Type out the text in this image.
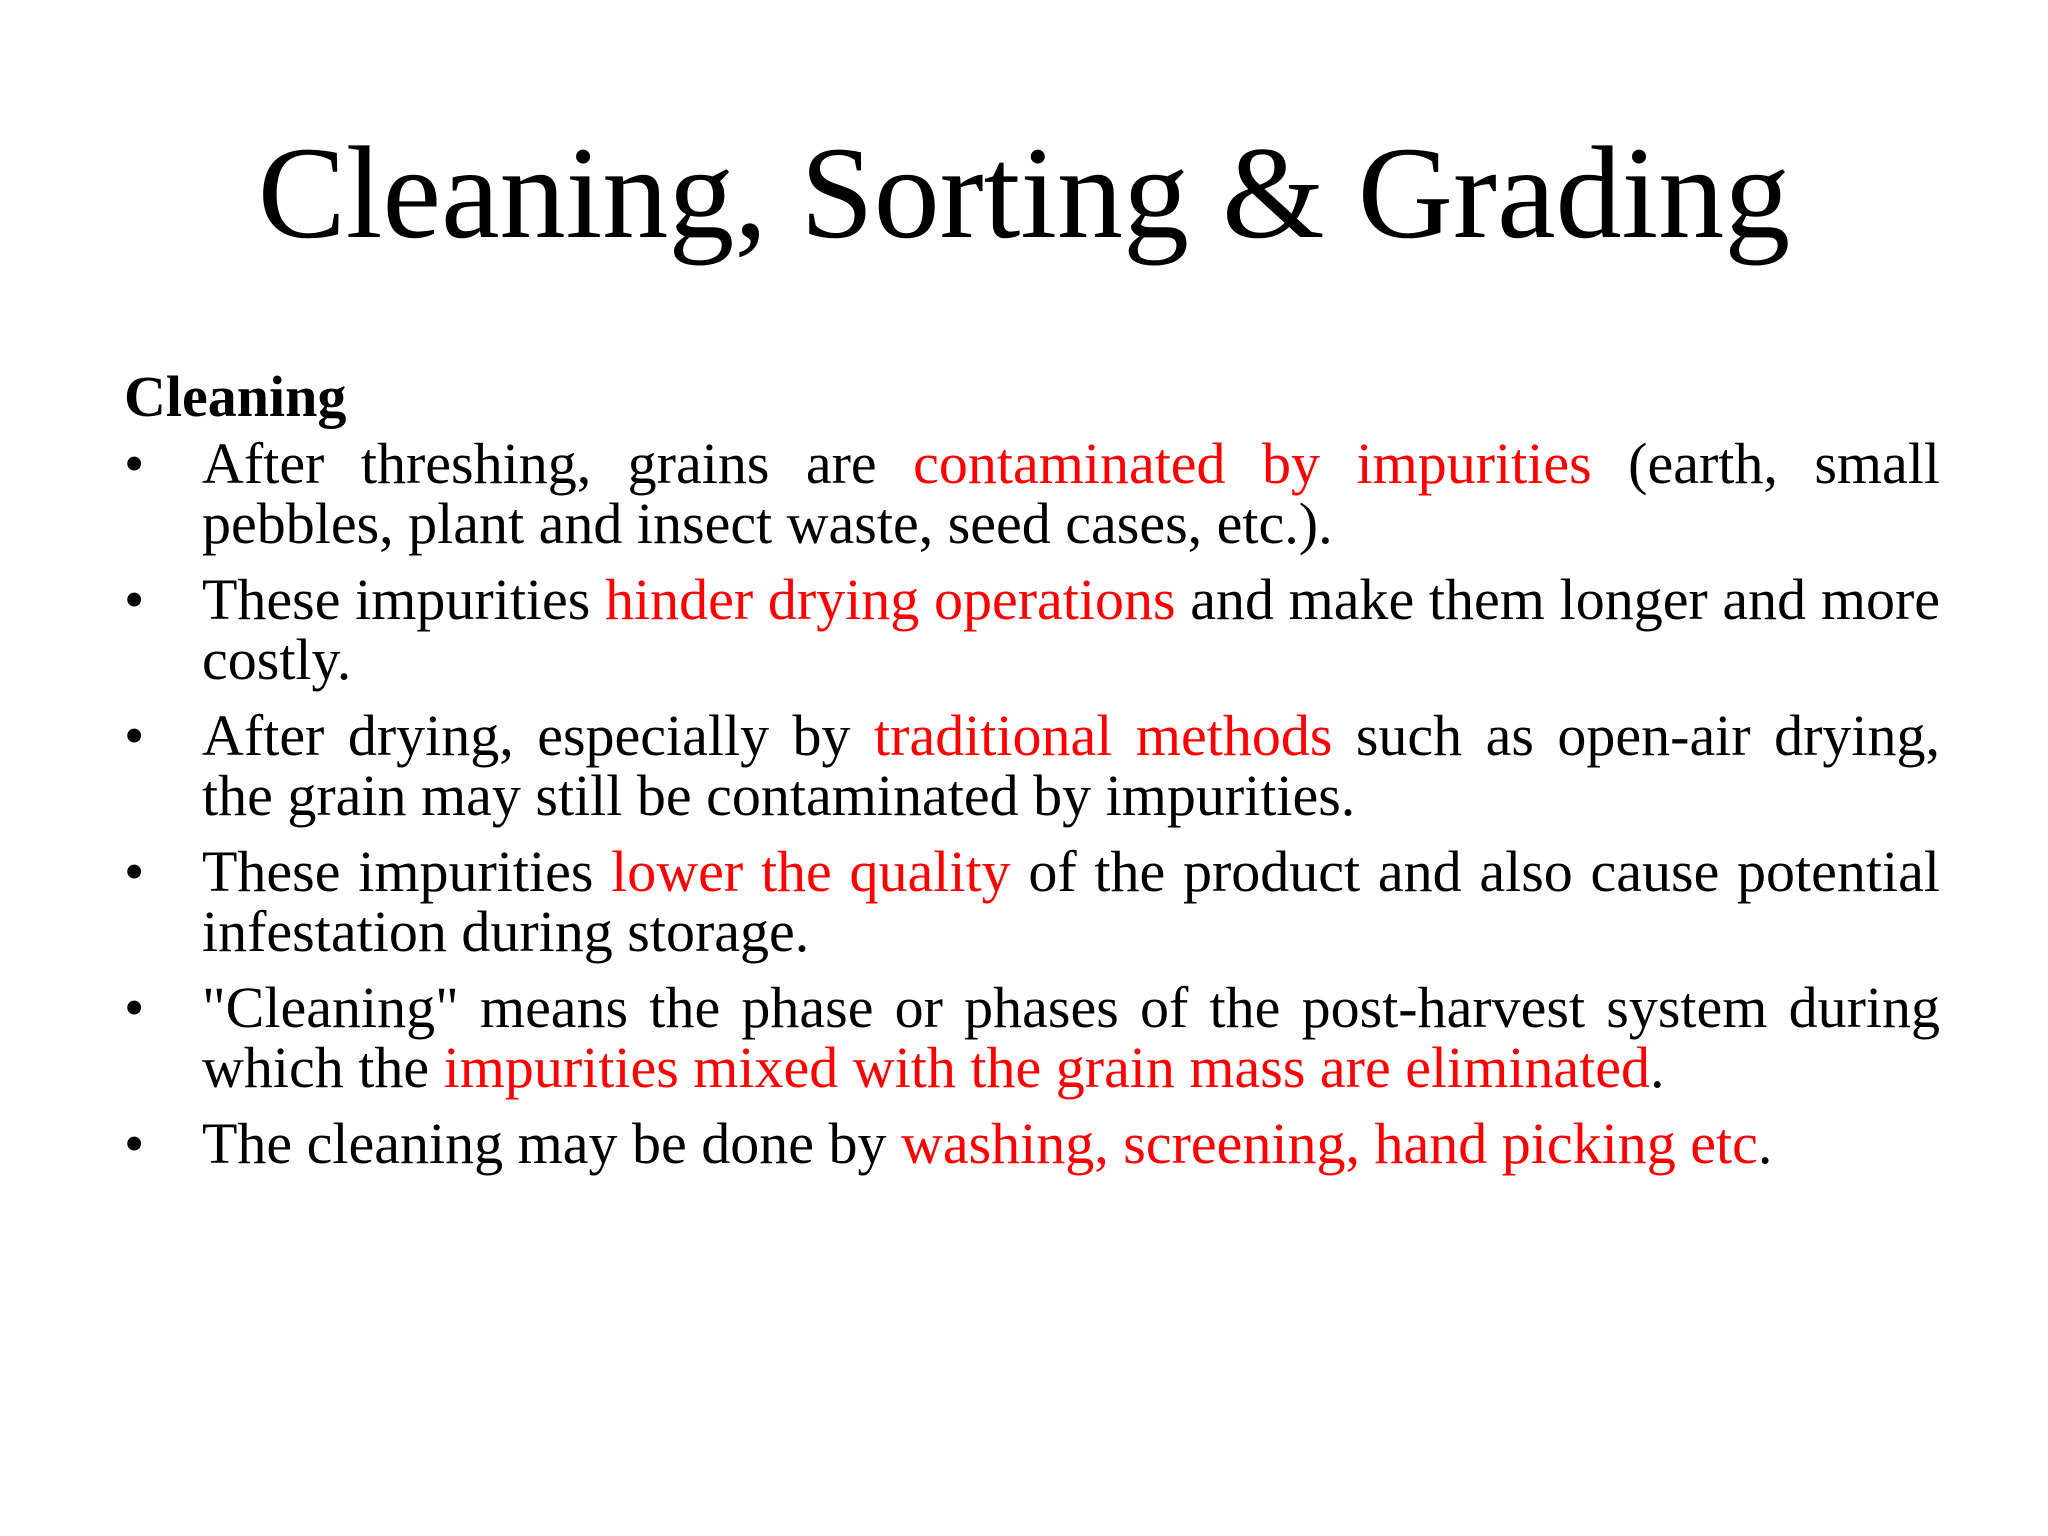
Cleaning, Sorting & Grading
Cleaning
• After threshing, grains are contaminated by impurities (earth, small pebbles, plant and insect waste, seed cases, etc.).
• These impurities hinder drying operations and make them longer and more costly.
• After drying, especially by traditional methods such as open-air drying, the grain may still be contaminated by impurities.
• These impurities lower the quality of the product and also cause potential infestation during storage.
• "Cleaning" means the phase or phases of the post-harvest system during which the impurities mixed with the grain mass are eliminated.
• The cleaning may be done by washing, screening, hand picking etc.
